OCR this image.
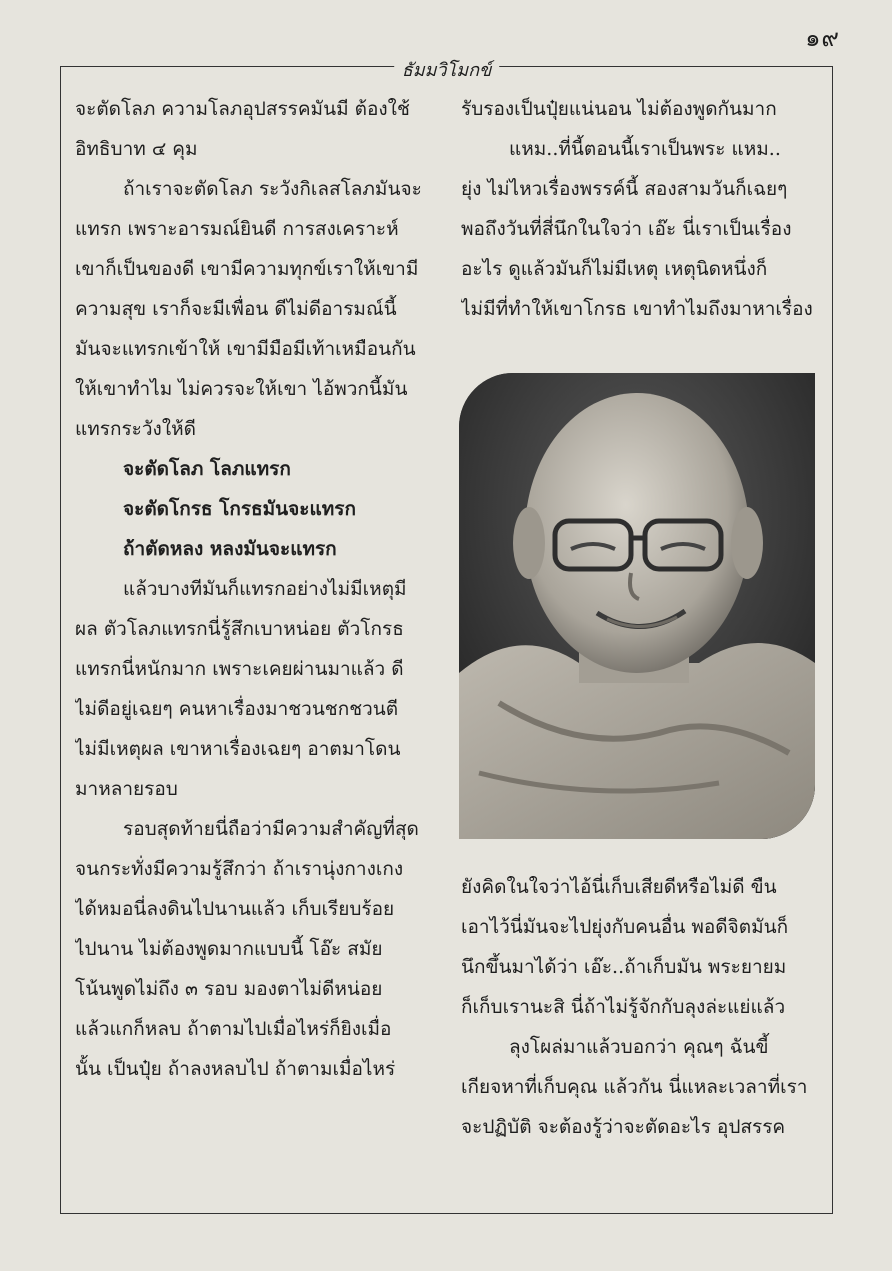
๑๙
ธัมมวิโมกข์
จะตัดโลภ ความโลภอุปสรรคมันมี ต้องใช้
อิทธิบาท ๔ คุม
ถ้าเราจะตัดโลภ ระวังกิเลสโลภมันจะ
แทรก เพราะอารมณ์ยินดี การสงเคราะห์
เขาก็เป็นของดี เขามีความทุกข์เราให้เขามี
ความสุข เราก็จะมีเพื่อน ดีไม่ดีอารมณ์นี้
มันจะแทรกเข้าให้ เขามีมือมีเท้าเหมือนกัน
ให้เขาทำไม ไม่ควรจะให้เขา ไอ้พวกนี้มัน
แทรกระวังให้ดี
จะตัดโลภ โลภแทรก
จะตัดโกรธ โกรธมันจะแทรก
ถ้าตัดหลง หลงมันจะแทรก
แล้วบางทีมันก็แทรกอย่างไม่มีเหตุมี
ผล ตัวโลภแทรกนี่รู้สึกเบาหน่อย ตัวโกรธ
แทรกนี่หนักมาก เพราะเคยผ่านมาแล้ว ดี
ไม่ดีอยู่เฉยๆ คนหาเรื่องมาชวนชกชวนตี
ไม่มีเหตุผล เขาหาเรื่องเฉยๆ อาตมาโดน
มาหลายรอบ
รอบสุดท้ายนี่ถือว่ามีความสำคัญที่สุด
จนกระทั่งมีความรู้สึกว่า ถ้าเรานุ่งกางเกง
ได้หมอนี่ลงดินไปนานแล้ว เก็บเรียบร้อย
ไปนาน ไม่ต้องพูดมากแบบนี้ โอ๊ะ สมัย
โน้นพูดไม่ถึง ๓ รอบ มองตาไม่ดีหน่อย
แล้วแกก็หลบ ถ้าตามไปเมื่อไหร่ก็ยิงเมื่อ
นั้น เป็นปุ๋ย ถ้าลงหลบไป ถ้าตามเมื่อไหร่
รับรองเป็นปุ๋ยแน่นอน ไม่ต้องพูดกันมาก
แหม..ที่นี้ตอนนี้เราเป็นพระ แหม..
ยุ่ง ไม่ไหวเรื่องพรรค์นี้ สองสามวันก็เฉยๆ
พอถึงวันที่สี่นึกในใจว่า เอ๊ะ นี่เราเป็นเรื่อง
อะไร ดูแล้วมันก็ไม่มีเหตุ เหตุนิดหนึ่งก็
ไม่มีที่ทำให้เขาโกรธ เขาทำไมถึงมาหาเรื่อง
ยังคิดในใจว่าไอ้นี่เก็บเสียดีหรือไม่ดี ขืน
เอาไว้นี่มันจะไปยุ่งกับคนอื่น พอดีจิตมันก็
นึกขึ้นมาได้ว่า เอ๊ะ..ถ้าเก็บมัน พระยายม
ก็เก็บเรานะสิ นี่ถ้าไม่รู้จักกับลุงล่ะแย่แล้ว
ลุงโผล่มาแล้วบอกว่า คุณๆ ฉันขี้
เกียจหาที่เก็บคุณ แล้วกัน นี่แหละเวลาที่เรา
จะปฏิบัติ จะต้องรู้ว่าจะตัดอะไร อุปสรรค
